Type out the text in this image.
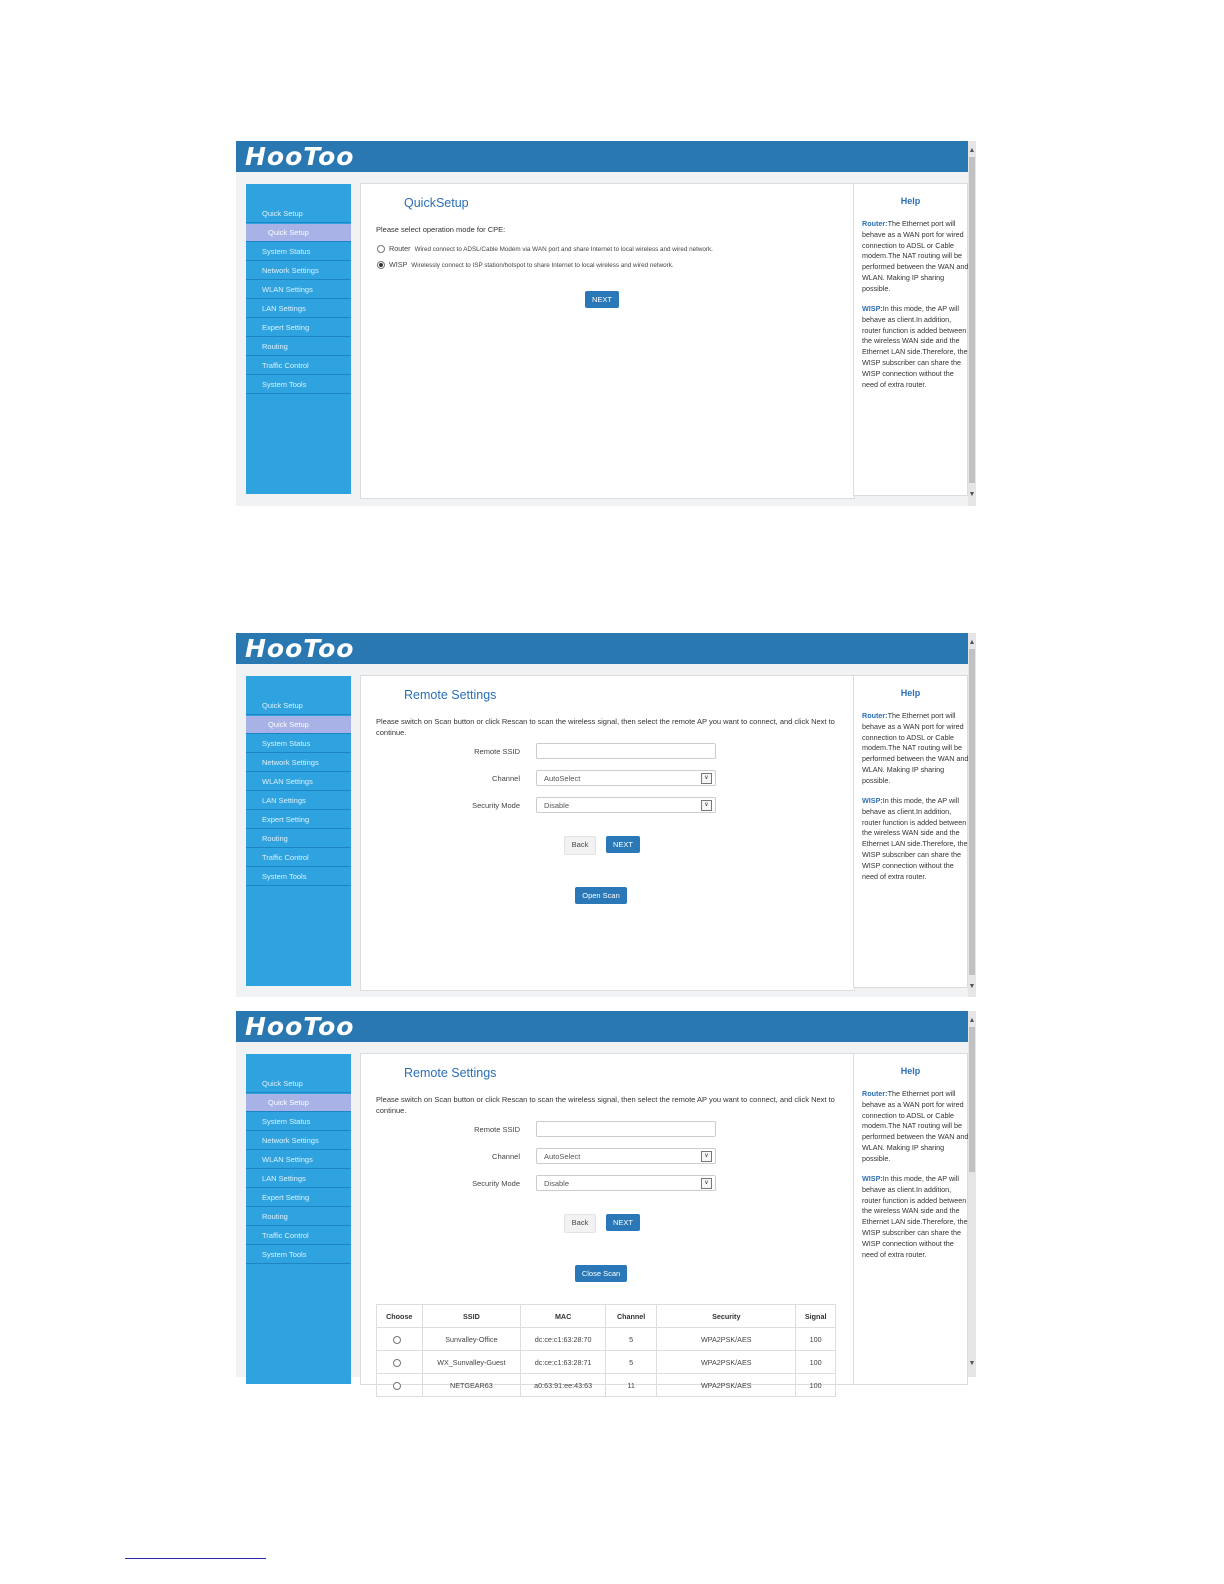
HooToo	▲
▼
Quick Setup
Quick Setup
System Status
Network Settings
WLAN Settings
LAN Settings
Expert Setting
Routing
Traffic Control
System Tools
QuickSetup
Please select operation mode for CPE:
Router Wired connect to ADSL/Cable Modem via WAN port and share Internet to local wireless and wired network.
WISP Wirelessly connect to ISP station/hotspot to share Internet to local wireless and wired network.
NEXT
Help
Router:The Ethernet port will behave as a WAN port for wired connection to ADSL or Cable modem.The NAT routing will be performed between the WAN and WLAN. Making IP sharing possible.
WISP:In this mode, the AP will behave as client.In addition, router function is added between the wireless WAN side and the Ethernet LAN side.Therefore, the WISP subscriber can share the WISP connection without the need of extra router.
HooToo	▲
▼
Quick Setup
Quick Setup
System Status
Network Settings
WLAN Settings
LAN Settings
Expert Setting
Routing
Traffic Control
System Tools
Remote Settings
Please switch on Scan button or click Rescan to scan the wireless signal, then select the remote AP you want to connect, and click Next to continue.
Remote SSID
Channel	AutoSelect	∨
Security Mode	Disable	∨
Back	NEXT
Open Scan
Help
Router:The Ethernet port will behave as a WAN port for wired connection to ADSL or Cable modem.The NAT routing will be performed between the WAN and WLAN. Making IP sharing possible.
WISP:In this mode, the AP will behave as client.In addition, router function is added between the wireless WAN side and the Ethernet LAN side.Therefore, the WISP subscriber can share the WISP connection without the need of extra router.
HooToo	▲
▼
Quick Setup
Quick Setup
System Status
Network Settings
WLAN Settings
LAN Settings
Expert Setting
Routing
Traffic Control
System Tools
Remote Settings
Please switch on Scan button or click Rescan to scan the wireless signal, then select the remote AP you want to connect, and click Next to continue.
Remote SSID
Channel	AutoSelect	∨
Security Mode	Disable	∨
Back	NEXT
Close Scan
Choose	SSID	MAC	Channel	Security	Signal
	Sunvalley-Office	dc:ce:c1:63:28:70	5	WPA2PSK/AES	100
	WX_Sunvalley-Guest	dc:ce:c1:63:28:71	5	WPA2PSK/AES	100
	NETGEAR63	a0:63:91:ee:43:63	11	WPA2PSK/AES	100
Help
Router:The Ethernet port will behave as a WAN port for wired connection to ADSL or Cable modem.The NAT routing will be performed between the WAN and WLAN. Making IP sharing possible.
WISP:In this mode, the AP will behave as client.In addition, router function is added between the wireless WAN side and the Ethernet LAN side.Therefore, the WISP subscriber can share the WISP connection without the need of extra router.
